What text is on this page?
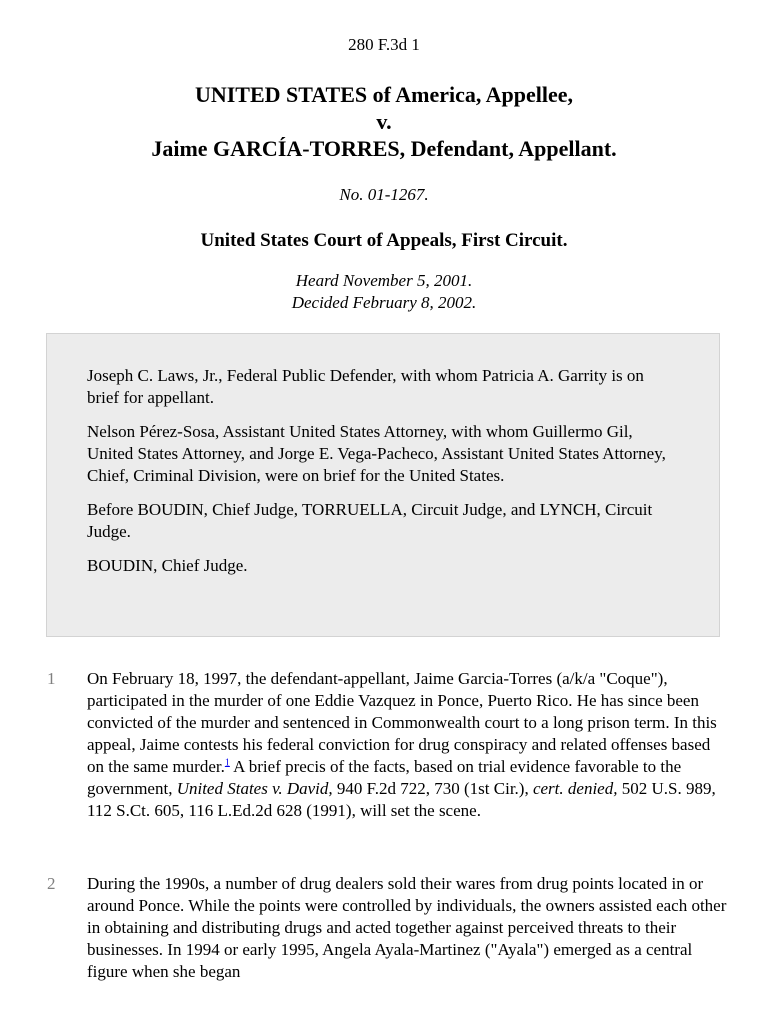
280 F.3d 1
UNITED STATES of America, Appellee,
v.
Jaime GARCÍA-TORRES, Defendant, Appellant.
No. 01-1267.
United States Court of Appeals, First Circuit.
Heard November 5, 2001.
Decided February 8, 2002.

Joseph C. Laws, Jr., Federal Public Defender, with whom Patricia A. Garrity is on brief for appellant.

Nelson Pérez-Sosa, Assistant United States Attorney, with whom Guillermo Gil, United States Attorney, and Jorge E. Vega-Pacheco, Assistant United States Attorney, Chief, Criminal Division, were on brief for the United States.

Before BOUDIN, Chief Judge, TORRUELLA, Circuit Judge, and LYNCH, Circuit Judge.

BOUDIN, Chief Judge.

1 On February 18, 1997, the defendant-appellant, Jaime Garcia-Torres (a/k/a "Coque"), participated in the murder of one Eddie Vazquez in Ponce, Puerto Rico. He has since been convicted of the murder and sentenced in Commonwealth court to a long prison term. In this appeal, Jaime contests his federal conviction for drug conspiracy and related offenses based on the same murder.$^1$ A brief precis of the facts, based on trial evidence favorable to the government, United States v. David, 940 F.2d 722, 730 (1st Cir.), cert. denied, 502 U.S. 989, 112 S.Ct. 605, 116 L.Ed.2d 628 (1991), will set the scene.
2 During the 1990s, a number of drug dealers sold their wares from drug points located in or around Ponce. While the points were controlled by individuals, the owners assisted each other in obtaining and distributing drugs and acted together against perceived threats to their businesses. In 1994 or early 1995, Angela Ayala-Martinez ("Ayala") emerged as a central figure when she began
